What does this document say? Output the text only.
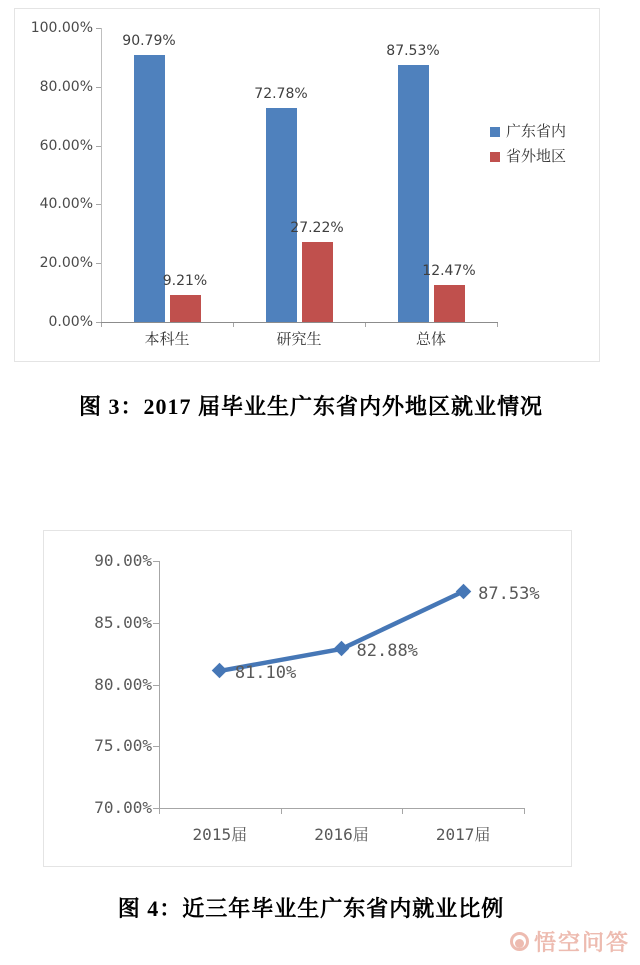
100.00%
80.00%
60.00%
40.00%
20.00%
0.00%
90.79%
9.21%
本科生
72.78%
27.22%
研究生
87.53%
12.47%
总体
广东省内
省外地区
图 3：2017 届毕业生广东省内外地区就业情况
90.00%
85.00%
80.00%
75.00%
70.00%
2015届	2016届	2017届
81.10%
82.88%
87.53%
图 4：近三年毕业生广东省内就业比例
悟空问答
